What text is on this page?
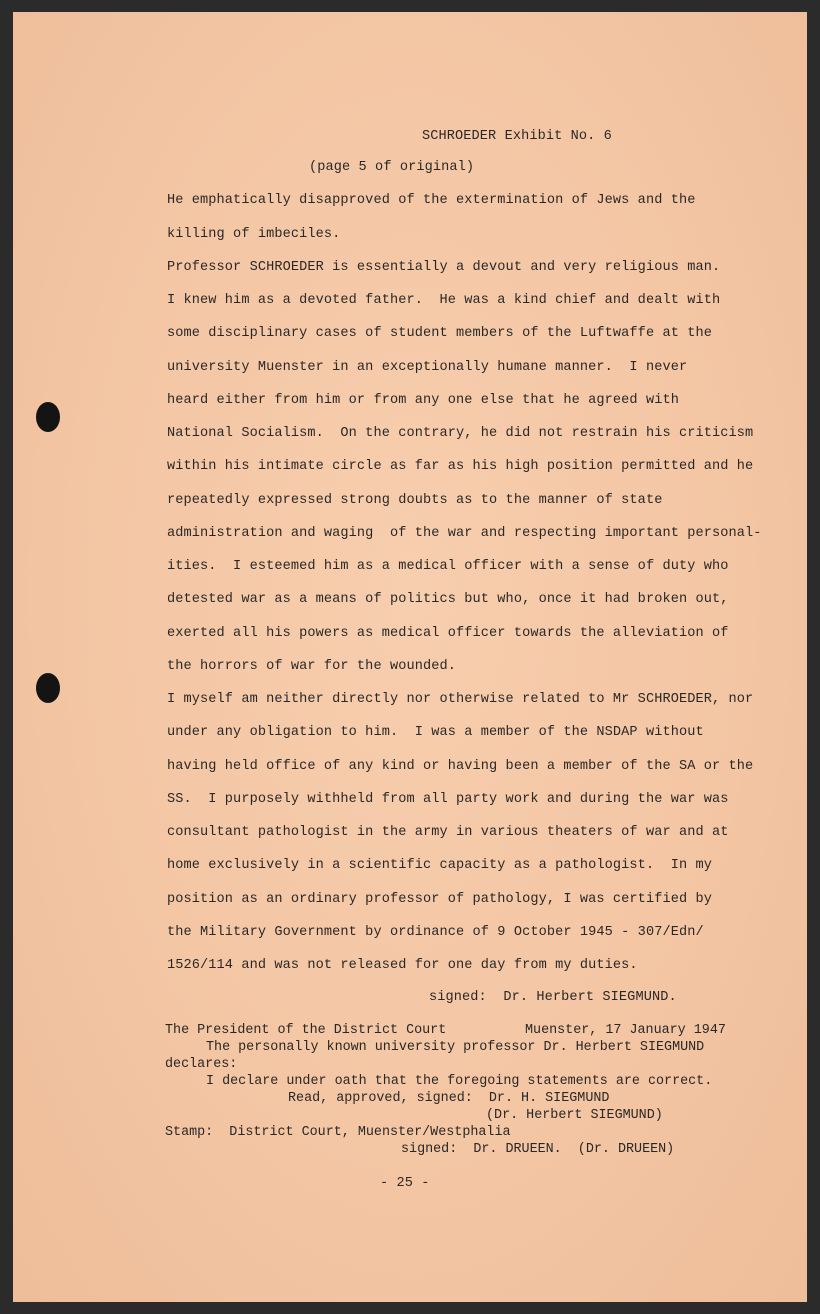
SCHROEDER Exhibit No. 6
(page 5 of original)
He emphatically disapproved of the extermination of Jews and the
killing of imbeciles.
Professor SCHROEDER is essentially a devout and very religious man.
I knew him as a devoted father.  He was a kind chief and dealt with
some disciplinary cases of student members of the Luftwaffe at the
university Muenster in an exceptionally humane manner.  I never
heard either from him or from any one else that he agreed with
National Socialism.  On the contrary, he did not restrain his criticism
within his intimate circle as far as his high position permitted and he
repeatedly expressed strong doubts as to the manner of state
administration and waging  of the war and respecting important personal-
ities.  I esteemed him as a medical officer with a sense of duty who
detested war as a means of politics but who, once it had broken out,
exerted all his powers as medical officer towards the alleviation of
the horrors of war for the wounded.
I myself am neither directly nor otherwise related to Mr SCHROEDER, nor
under any obligation to him.  I was a member of the NSDAP without
having held office of any kind or having been a member of the SA or the
SS.  I purposely withheld from all party work and during the war was
consultant pathologist in the army in various theaters of war and at
home exclusively in a scientific capacity as a pathologist.  In my
position as an ordinary professor of pathology, I was certified by
the Military Government by ordinance of 9 October 1945 - 307/Edn/
1526/114 and was not released for one day from my duties.
signed:  Dr. Herbert SIEGMUND.
The President of the District Court	Muenster, 17 January 1947
The personally known university professor Dr. Herbert SIEGMUND
declares:
I declare under oath that the foregoing statements are correct.
Read, approved, signed:  Dr. H. SIEGMUND
(Dr. Herbert SIEGMUND)
Stamp:  District Court, Muenster/Westphalia
signed:  Dr. DRUEEN.  (Dr. DRUEEN)
- 25 -
